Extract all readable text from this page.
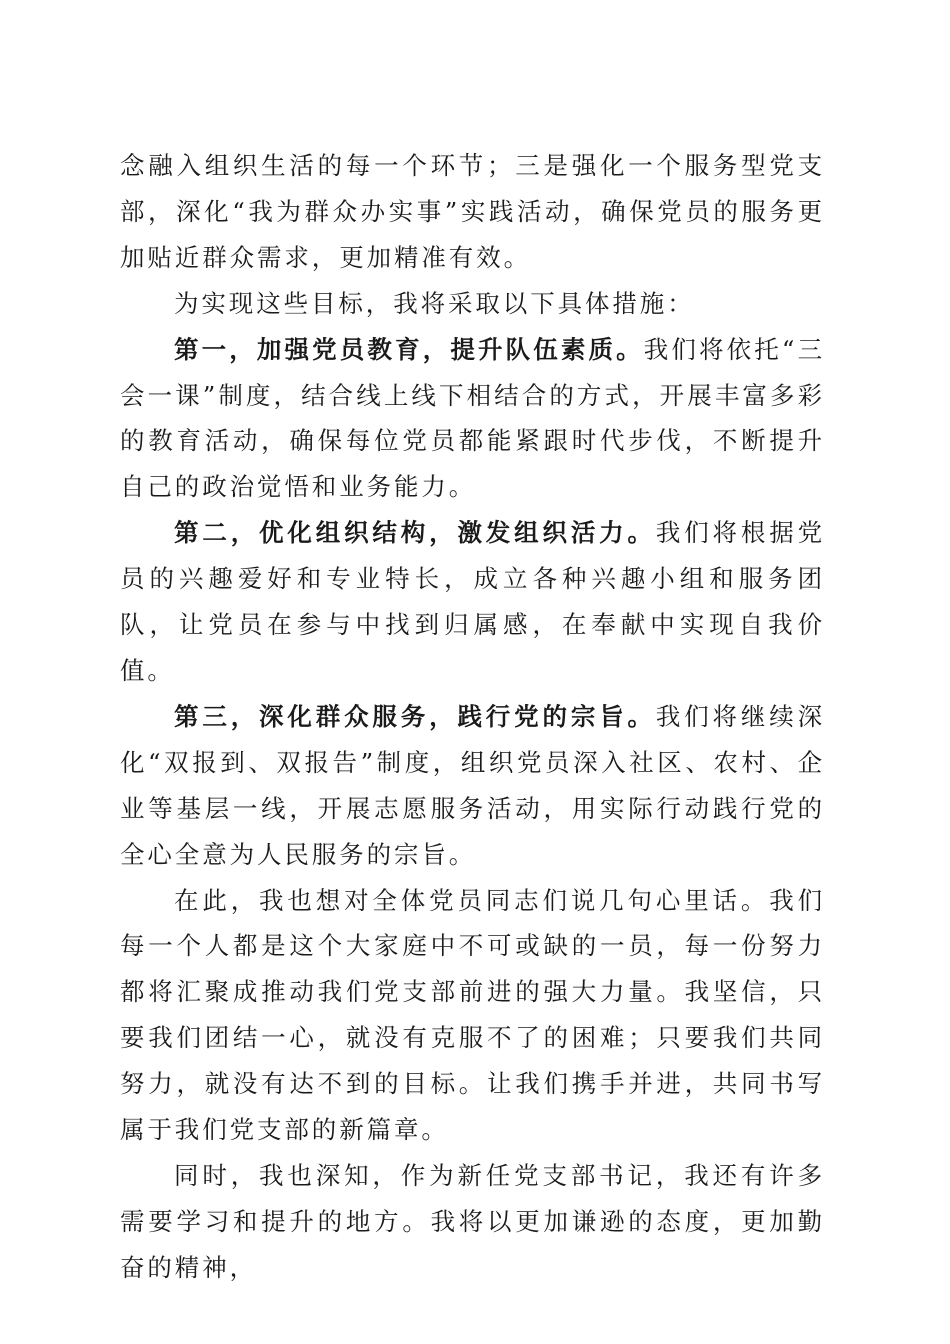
念融入组织生活的每一个环节；三是强化一个服务型党支部，深化“我为群众办实事”实践活动，确保党员的服务更加贴近群众需求，更加精准有效。

为实现这些目标，我将采取以下具体措施：

第一，加强党员教育，提升队伍素质。我们将依托“三会一课”制度，结合线上线下相结合的方式，开展丰富多彩的教育活动，确保每位党员都能紧跟时代步伐，不断提升自己的政治觉悟和业务能力。

第二，优化组织结构，激发组织活力。我们将根据党员的兴趣爱好和专业特长，成立各种兴趣小组和服务团队，让党员在参与中找到归属感，在奉献中实现自我价值。

第三，深化群众服务，践行党的宗旨。我们将继续深化“双报到、双报告”制度，组织党员深入社区、农村、企业等基层一线，开展志愿服务活动，用实际行动践行党的全心全意为人民服务的宗旨。

在此，我也想对全体党员同志们说几句心里话。我们每一个人都是这个大家庭中不可或缺的一员，每一份努力都将汇聚成推动我们党支部前进的强大力量。我坚信，只要我们团结一心，就没有克服不了的困难；只要我们共同努力，就没有达不到的目标。让我们携手并进，共同书写属于我们党支部的新篇章。

同时，我也深知，作为新任党支部书记，我还有许多需要学习和提升的地方。我将以更加谦逊的态度，更加勤奋的精神，
